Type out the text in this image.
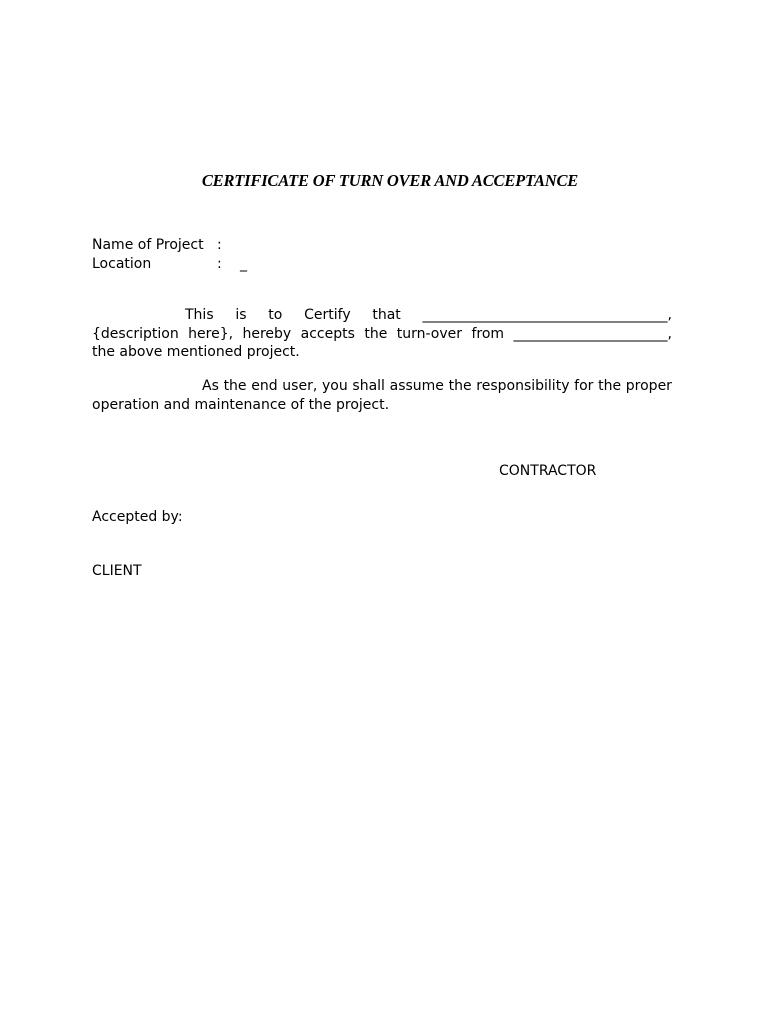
CERTIFICATE OF TURN OVER AND ACCEPTANCE
Name of Project :
Location	: _
This is to Certify that ___________________________________,
{description here}, hereby accepts the turn-over from ______________________,
the above mentioned project.
As the end user, you shall assume the responsibility for the proper
operation and maintenance of the project.
CONTRACTOR
Accepted by:
CLIENT
